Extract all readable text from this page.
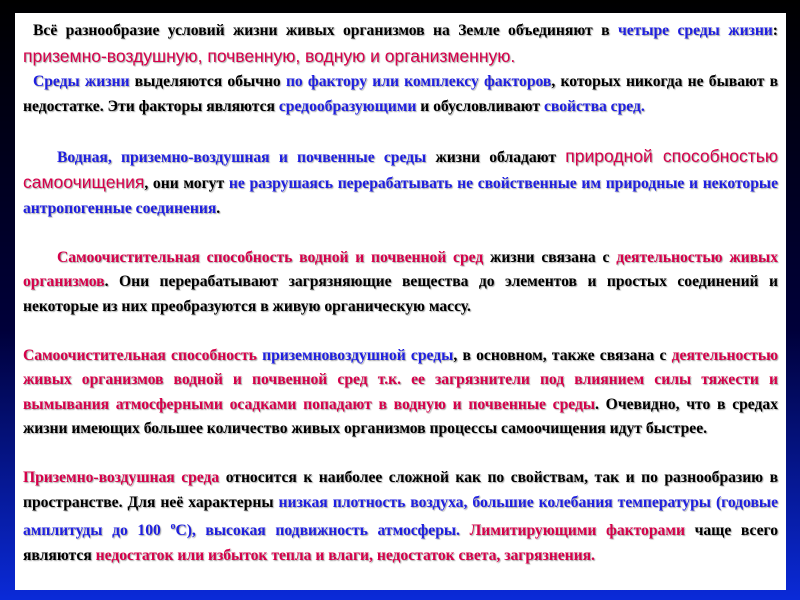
Всё разнообразие условий жизни живых организмов на Земле объединяют в четыре среды жизни: приземно-воздушную, почвенную, водную и организменную.

Среды жизни выделяются обычно по фактору или комплексу факторов, которых никогда не бывают в недостатке. Эти факторы являются средообразующими и обусловливают свойства сред.

Водная, приземно-воздушная и почвенные среды жизни обладают природной способностью самоочищения, они могут не разрушаясь перерабатывать не свойственные им природные и некоторые антропогенные соединения.

Самоочистительная способность водной и почвенной сред жизни связана с деятельностью живых организмов. Они перерабатывают загрязняющие вещества до элементов и простых соединений и некоторые из них преобразуются в живую органическую массу.

Самоочистительная способность приземновоздушной среды, в основном, также связана с деятельностью живых организмов водной и почвенной сред т.к. ее загрязнители под влиянием силы тяжести и вымывания атмосферными осадками попадают в водную и почвенные среды. Очевидно, что в средах жизни имеющих большее количество живых организмов процессы самоочищения идут быстрее.

Приземно-воздушная среда относится к наиболее сложной как по свойствам, так и по разнообразию в пространстве. Для неё характерны низкая плотность воздуха, большие колебания температуры (годовые амплитуды до 100 $^о$С), высокая подвижность атмосферы. Лимитирующими факторами чаще всего являются недостаток или избыток тепла и влаги, недостаток света, загрязнения.
